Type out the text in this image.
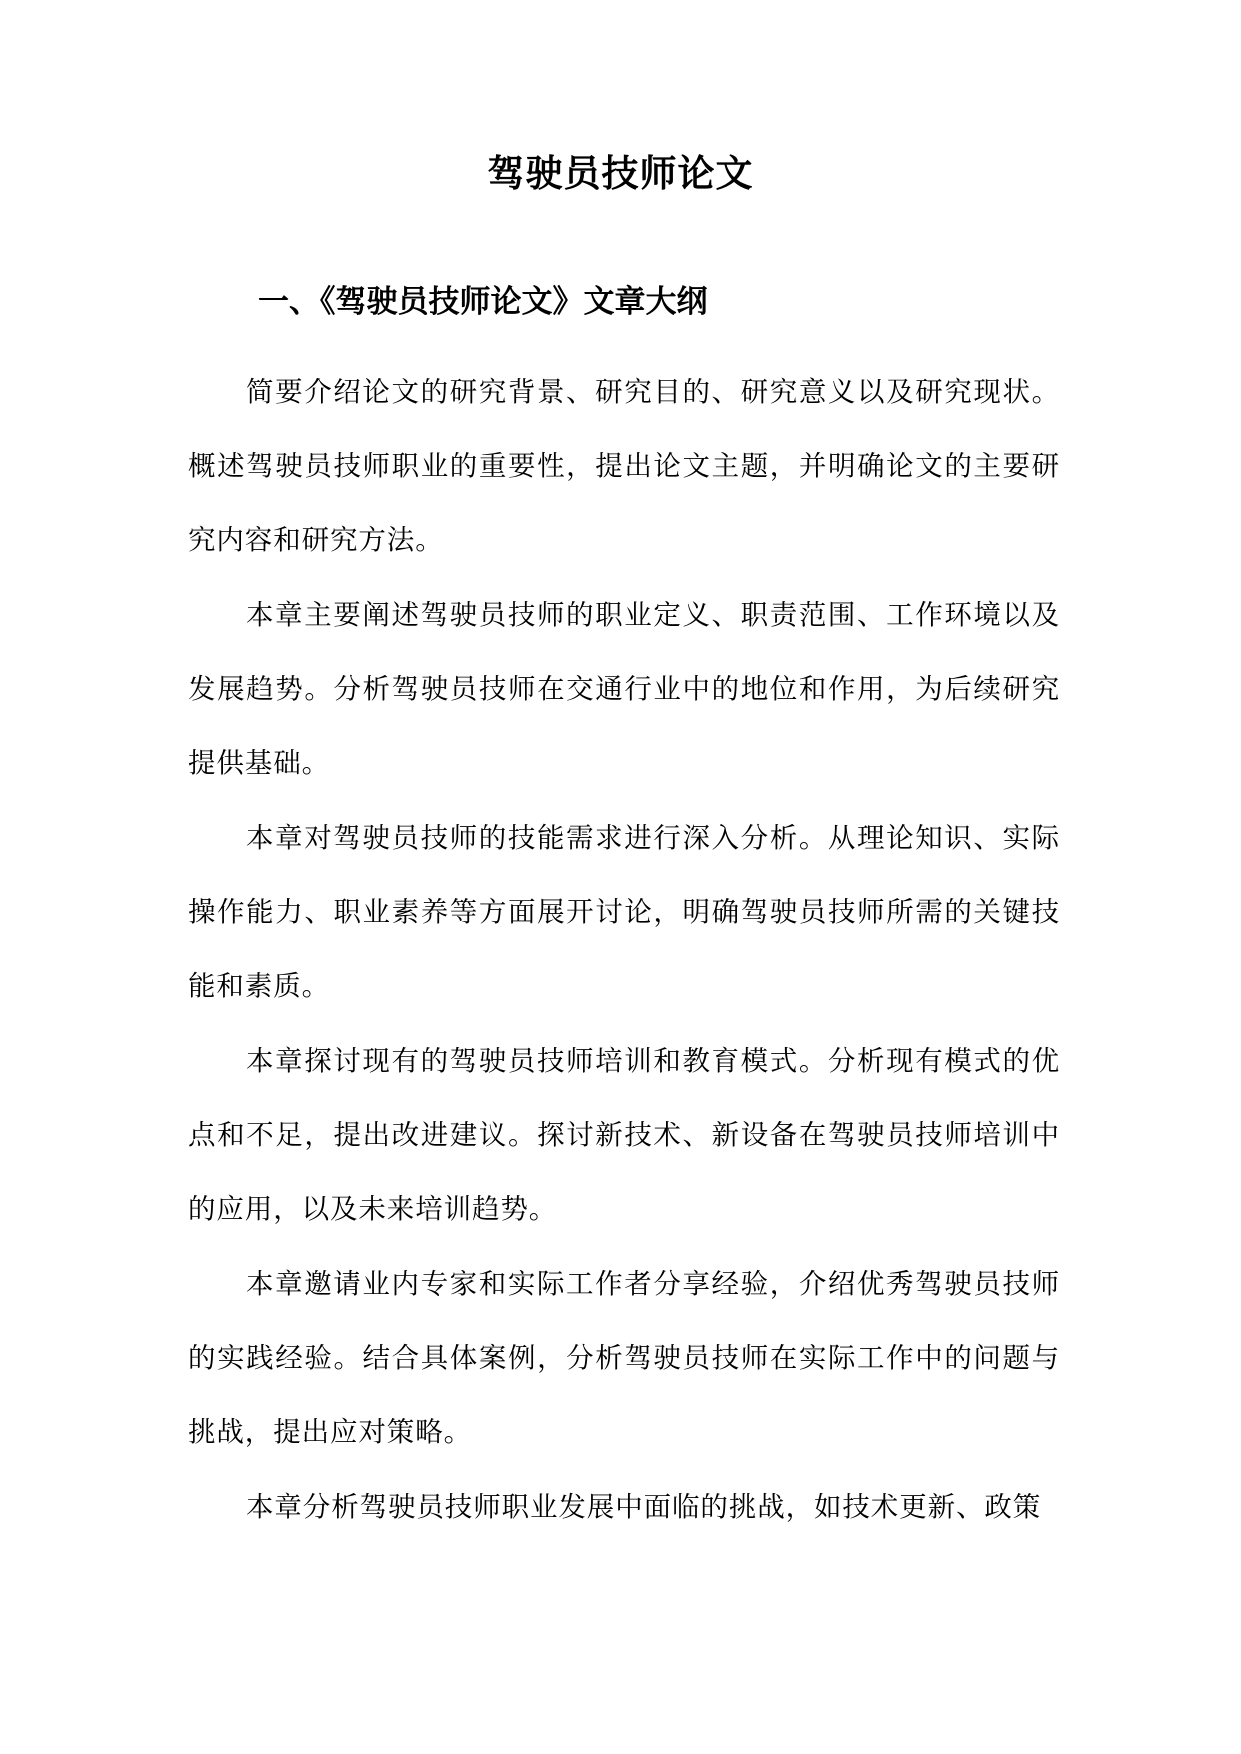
驾驶员技师论文
一、《驾驶员技师论文》文章大纲

简要介绍论文的研究背景、研究目的、研究意义以及研究现状。概述驾驶员技师职业的重要性，提出论文主题，并明确论文的主要研究内容和研究方法。

本章主要阐述驾驶员技师的职业定义、职责范围、工作环境以及发展趋势。分析驾驶员技师在交通行业中的地位和作用，为后续研究提供基础。

本章对驾驶员技师的技能需求进行深入分析。从理论知识、实际操作能力、职业素养等方面展开讨论，明确驾驶员技师所需的关键技能和素质。

本章探讨现有的驾驶员技师培训和教育模式。分析现有模式的优点和不足，提出改进建议。探讨新技术、新设备在驾驶员技师培训中的应用，以及未来培训趋势。

本章邀请业内专家和实际工作者分享经验，介绍优秀驾驶员技师的实践经验。结合具体案例，分析驾驶员技师在实际工作中的问题与挑战，提出应对策略。

本章分析驾驶员技师职业发展中面临的挑战，如技术更新、政策
